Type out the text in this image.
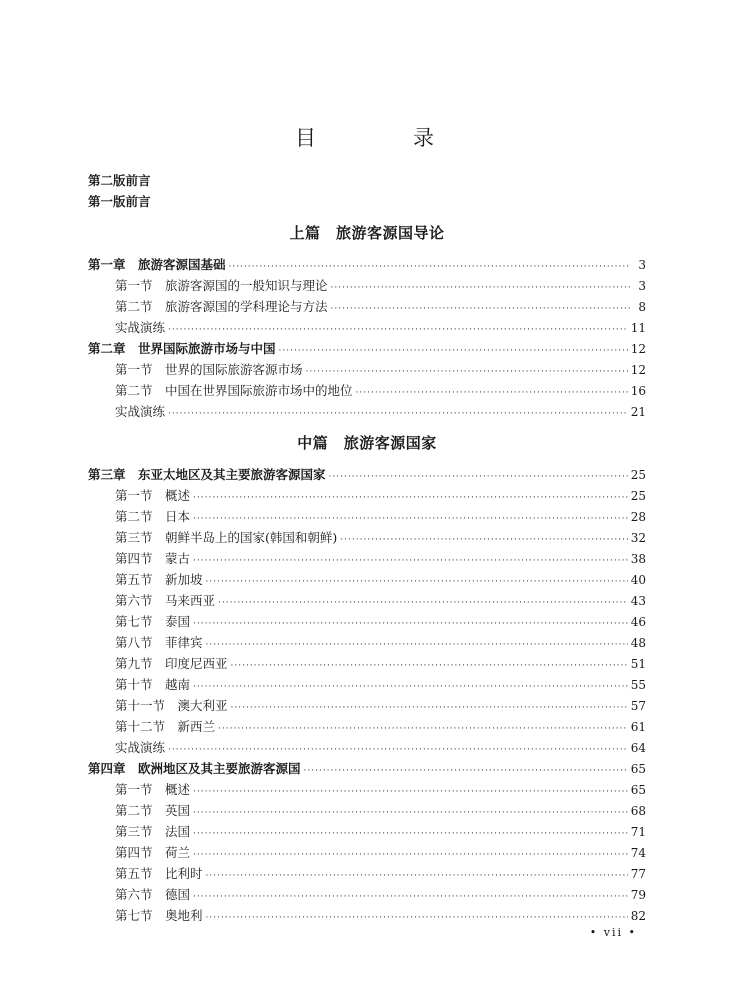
目　录
第二版前言
第一版前言
上篇　旅游客源国导论
第一章　旅游客源国基础 ·····	3
第一节　旅游客源国的一般知识与理论 ·····	3
第二节　旅游客源国的学科理论与方法 ·····	8
实战演练 ·····	11
第二章　世界国际旅游市场与中国 ·····	12
第一节　世界的国际旅游客源市场 ·····	12
第二节　中国在世界国际旅游市场中的地位 ·····	16
实战演练 ·····	21
中篇　旅游客源国家
第三章　东亚太地区及其主要旅游客源国家 ·····	25
第一节　概述 ·····	25
第二节　日本 ·····	28
第三节　朝鲜半岛上的国家(韩国和朝鲜) ·····	32
第四节　蒙古 ·····	38
第五节　新加坡 ·····	40
第六节　马来西亚 ·····	43
第七节　泰国 ·····	46
第八节　菲律宾 ·····	48
第九节　印度尼西亚 ·····	51
第十节　越南 ·····	55
第十一节　澳大利亚 ·····	57
第十二节　新西兰 ·····	61
实战演练 ·····	64
第四章　欧洲地区及其主要旅游客源国 ·····	65
第一节　概述 ·····	65
第二节　英国 ·····	68
第三节　法国 ·····	71
第四节　荷兰 ·····	74
第五节　比利时 ·····	77
第六节　德国 ·····	79
第七节　奥地利 ·····	82
• vii •
